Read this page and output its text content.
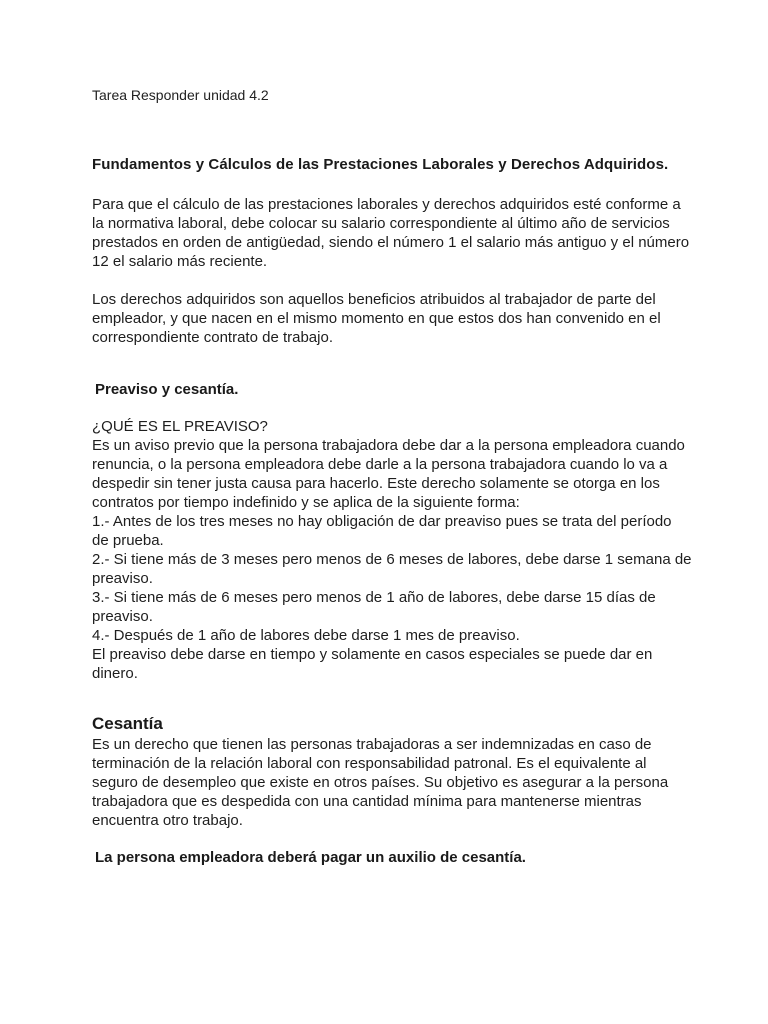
Tarea Responder unidad 4.2

Fundamentos y Cálculos de las Prestaciones Laborales y Derechos Adquiridos.

Para que el cálculo de las prestaciones laborales y derechos adquiridos esté conforme a la normativa laboral, debe colocar su salario correspondiente al último año de servicios prestados en orden de antigüedad, siendo el número 1 el salario más antiguo y el número 12 el salario más reciente.

Los derechos adquiridos son aquellos beneficios atribuidos al trabajador de parte del empleador, y que nacen en el mismo momento en que estos dos han convenido en el correspondiente contrato de trabajo.

Preaviso y cesantía.

¿QUÉ ES EL PREAVISO?

Es un aviso previo que la persona trabajadora debe dar a la persona empleadora cuando renuncia, o la persona empleadora debe darle a la persona trabajadora cuando lo va a despedir sin tener justa causa para hacerlo. Este derecho solamente se otorga en los contratos por tiempo indefinido y se aplica de la siguiente forma:

1.- Antes de los tres meses no hay obligación de dar preaviso pues se trata del período de prueba.

2.- Si tiene más de 3 meses pero menos de 6 meses de labores, debe darse 1 semana de preaviso.

3.- Si tiene más de 6 meses pero menos de 1 año de labores, debe darse 15 días de preaviso.

4.- Después de 1 año de labores debe darse 1 mes de preaviso.

El preaviso debe darse en tiempo y solamente en casos especiales se puede dar en dinero.

Cesantía

Es un derecho que tienen las personas trabajadoras a ser indemnizadas en caso de terminación de la relación laboral con responsabilidad patronal. Es el equivalente al seguro de desempleo que existe en otros países. Su objetivo es asegurar a la persona trabajadora que es despedida con una cantidad mínima para mantenerse mientras encuentra otro trabajo.

La persona empleadora deberá pagar un auxilio de cesantía.
